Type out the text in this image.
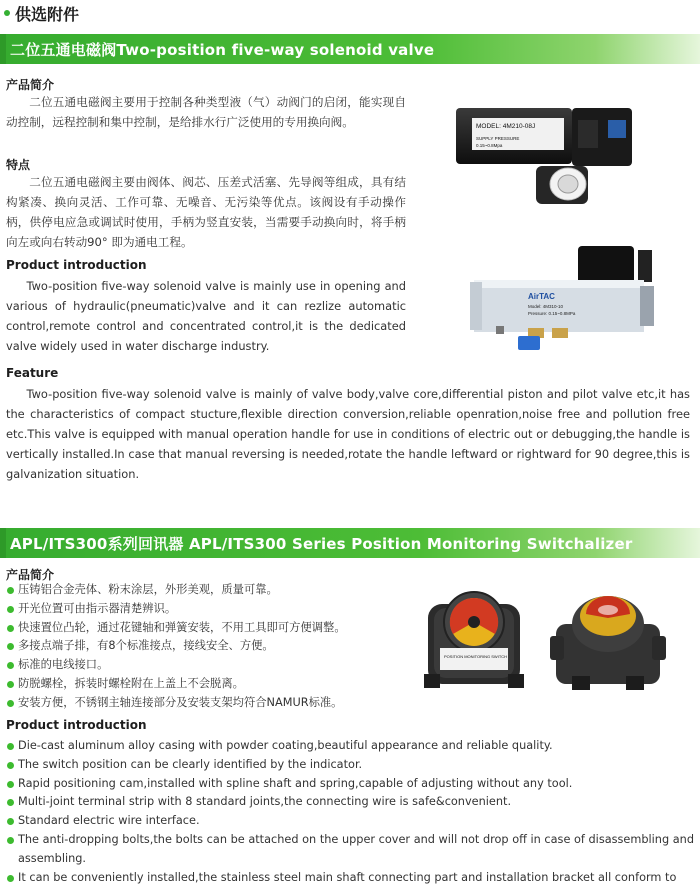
供选附件
二位五通电磁阀Two-position five-way solenoid valve
产品简介
二位五通电磁阀主要用于控制各种类型液（气）动阀门的启闭，能实现自动控制，远程控制和集中控制，是给排水行广泛使用的专用换向阀。
特点
二位五通电磁阀主要由阀体、阀芯、压差式活塞、先导阀等组成，具有结构紧凑、换向灵活、工作可靠、无噪音、无污染等优点。该阀设有手动操作柄，供停电应急或调试时使用，手柄为竖直安装，当需要手动换向时，将手柄向左或向右转动90° 即为通电工程。
Product introduction
Two-position five-way solenoid valve is mainly use in opening and various of hydraulic(pneumatic)valve and it can rezlize automatic control,remote control and concentrated control,it is the dedicated valve widely used in water discharge industry.
Feature
Two-position five-way solenoid valve is mainly of valve body,valve core,differential piston and pilot valve etc,it has the characteristics of compact stucture,flexible direction conversion,reliable openration,noise free and pollution free etc.This valve is equipped with manual operation handle for use in conditions of electric out or debugging,the handle is vertically installed.In case that manual reversing is needed,rotate the handle leftward or rightward for 90 degree,this is galvanization situation.
MODEL: 4M210-08J
SUPPLY PRESSURE
0.15~0.8Mpa
AirTAC
Model: 4M310-10
Pressure: 0.15~0.8MPa
APL/ITS300系列回讯器 APL/ITS300 Series Position Monitoring Switchalizer
产品简介
压铸铝合金壳体、粉末涂层，外形美观，质量可靠。
开光位置可由指示器清楚辨识。
快速置位凸轮，通过花键轴和弹簧安装，不用工具即可方便调整。
多接点端子排，有8个标准接点，接线安全、方便。
标准的电线接口。
防脱螺栓，拆装时螺栓附在上盖上不会脱离。
安装方便，不锈钢主轴连接部分及安装支架均符合NAMUR标准。
Product introduction
Die-cast aluminum alloy casing with powder coating,beautiful appearance and reliable quality.
The switch position can be clearly identified by the indicator.
Rapid positioning cam,installed with spline shaft and spring,capable of adjusting without any tool.
Multi-joint terminal strip with 8 standard joints,the connecting wire is safe&convenient.
Standard electric wire interface.
The anti-dropping bolts,the bolts can be attached on the upper cover and will not drop off in case of disassembling and assembling.
It can be conveniently installed,the stainless steel main shaft connecting part and installation bracket all conform to
POSITION MONITORING SWITCH
